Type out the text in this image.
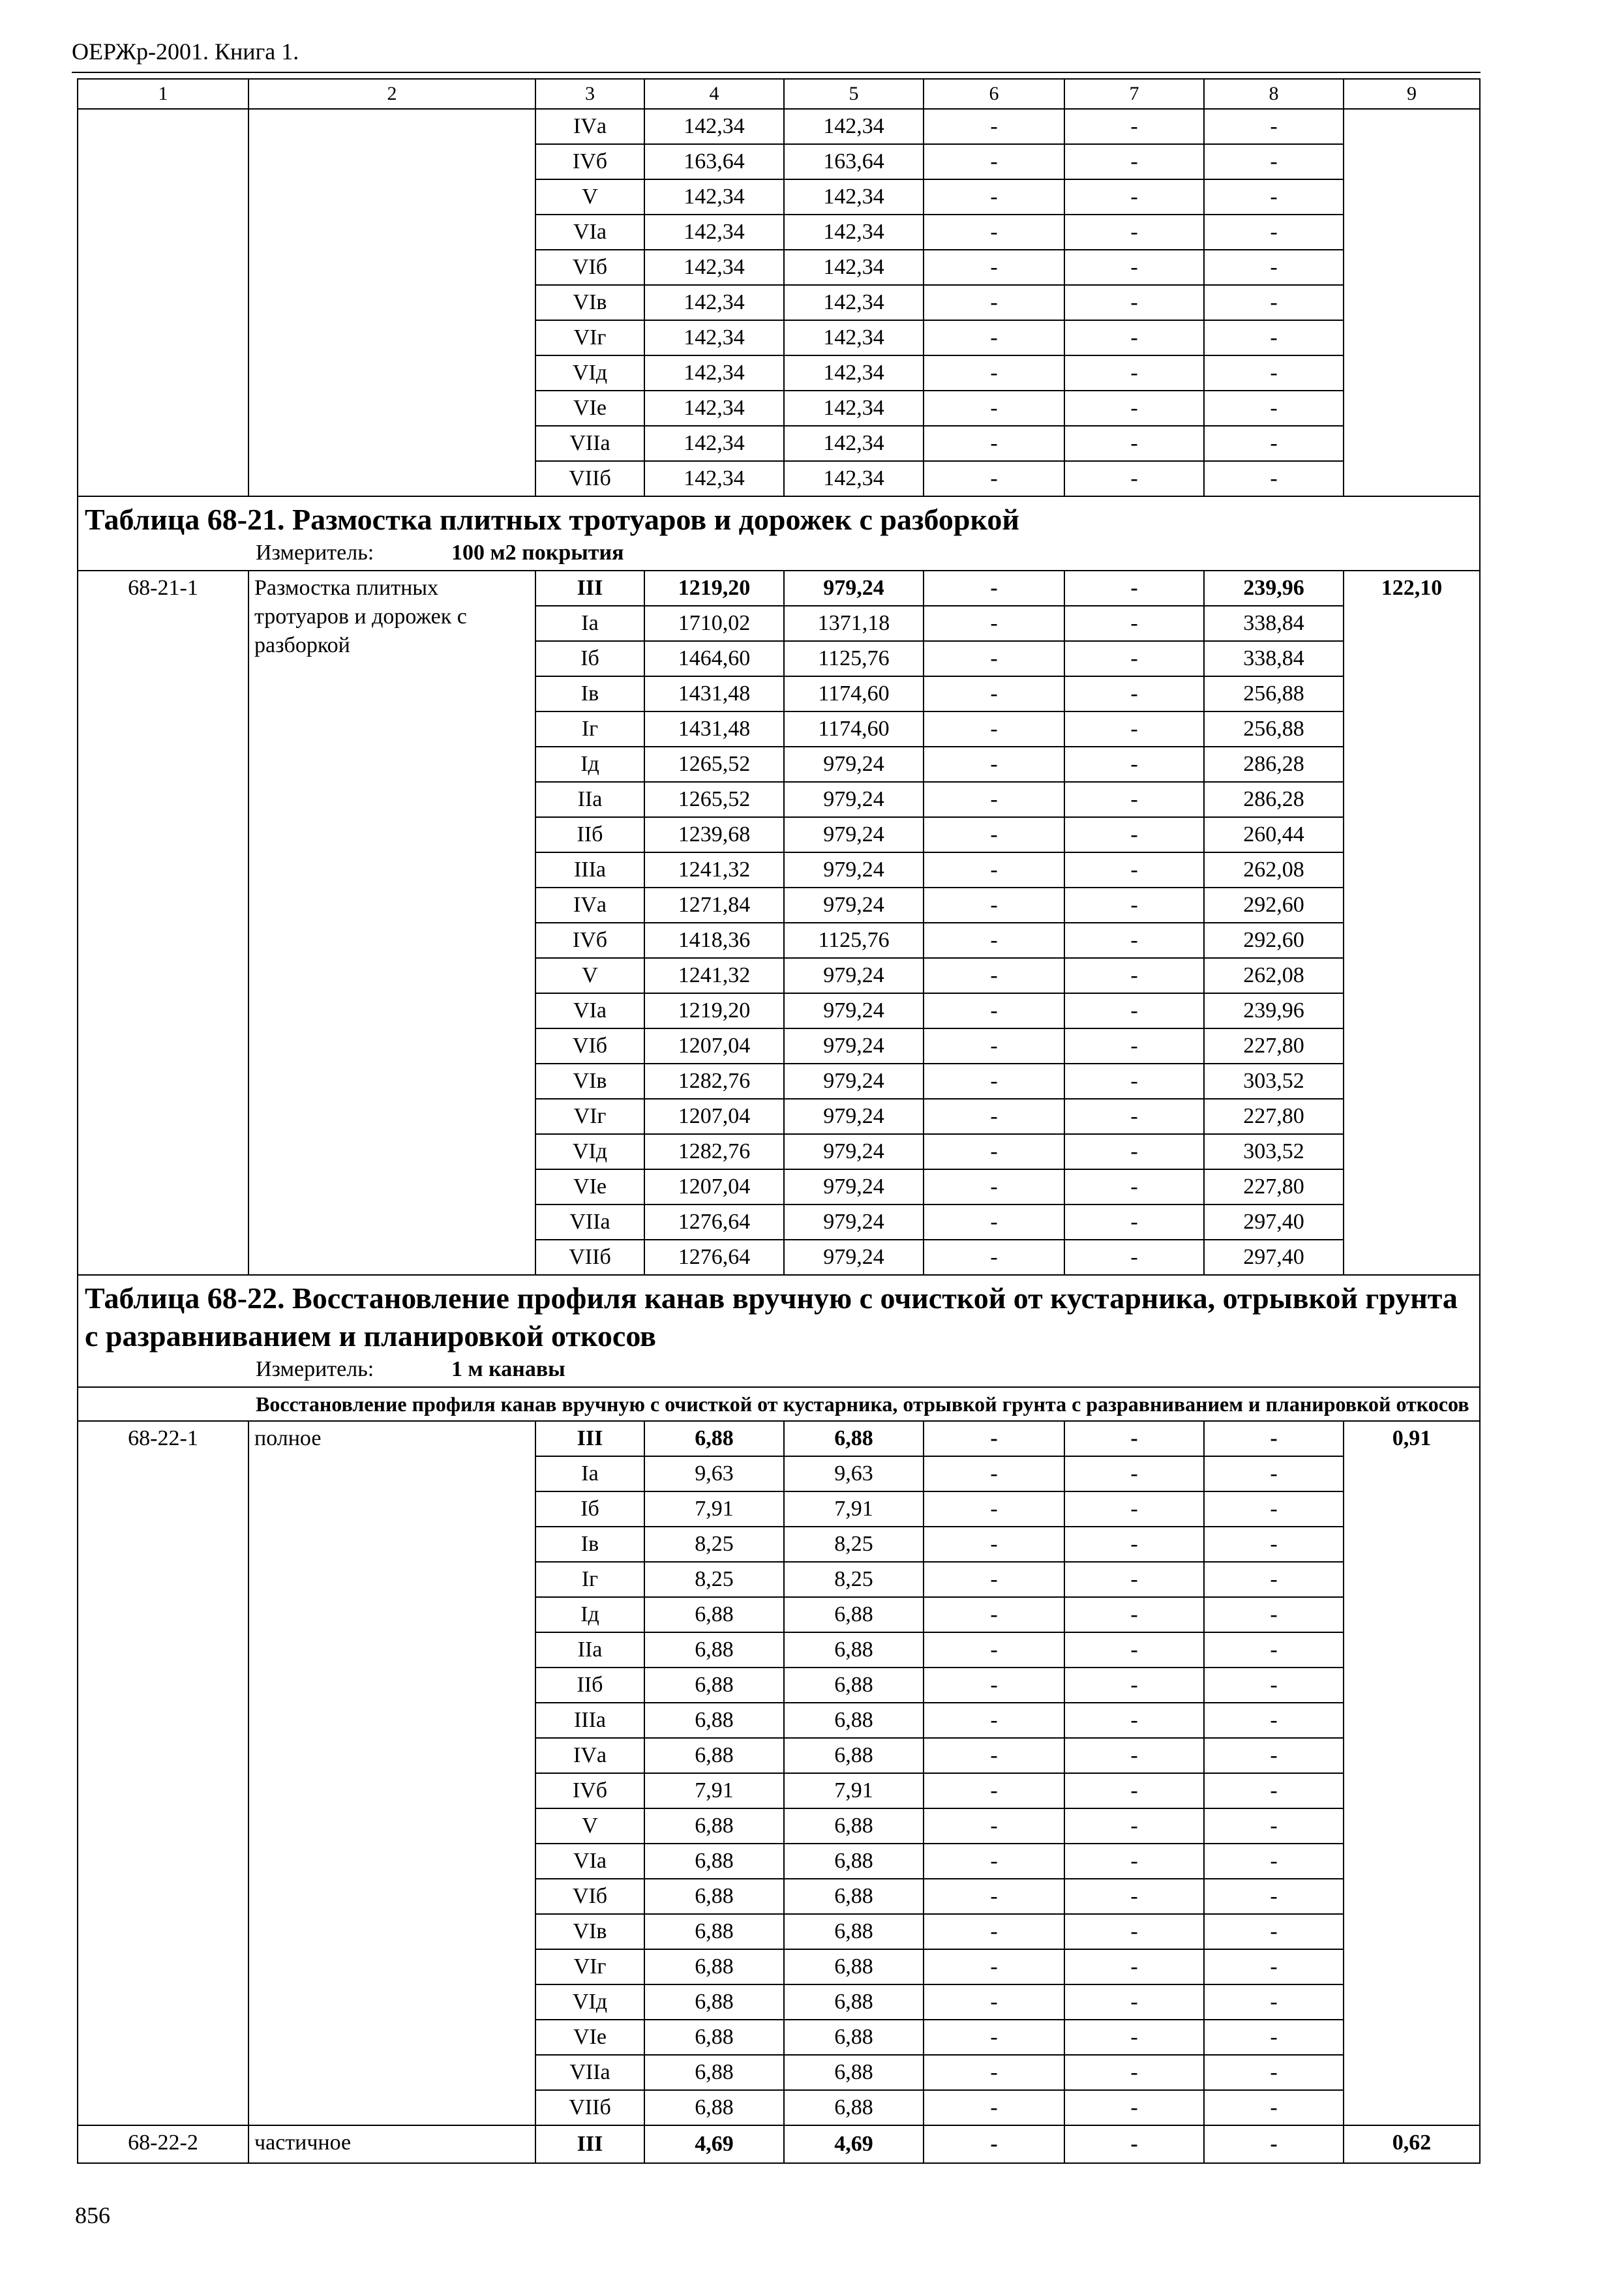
ОЕРЖр-2001. Книга 1.
1	2	3	4	5	6	7	8	9
		IVа	142,34	142,34	-	-	-	
		IVб	163,64	163,64	-	-	-	
		V	142,34	142,34	-	-	-	
		VIа	142,34	142,34	-	-	-	
		VIб	142,34	142,34	-	-	-	
		VIв	142,34	142,34	-	-	-	
		VIг	142,34	142,34	-	-	-	
		VIд	142,34	142,34	-	-	-	
		VIе	142,34	142,34	-	-	-	
		VIIа	142,34	142,34	-	-	-	
		VIIб	142,34	142,34	-	-	-	

Таблица 68-21. Размостка плитных тротуаров и дорожек с разборкой
Измеритель: 100 м2 покрытия								

68-21-1	Размостка плитных тротуаров и дорожек с разборкой	III	1219,20	979,24	-	-	239,96	122,10
		Iа	1710,02	1371,18	-	-	338,84	
		Iб	1464,60	1125,76	-	-	338,84	
		Iв	1431,48	1174,60	-	-	256,88	
		Iг	1431,48	1174,60	-	-	256,88	
		Iд	1265,52	979,24	-	-	286,28	
		IIа	1265,52	979,24	-	-	286,28	
		IIб	1239,68	979,24	-	-	260,44	
		IIIа	1241,32	979,24	-	-	262,08	
		IVа	1271,84	979,24	-	-	292,60	
		IVб	1418,36	1125,76	-	-	292,60	
		V	1241,32	979,24	-	-	262,08	
		VIа	1219,20	979,24	-	-	239,96	
		VIб	1207,04	979,24	-	-	227,80	
		VIв	1282,76	979,24	-	-	303,52	
		VIг	1207,04	979,24	-	-	227,80	
		VIд	1282,76	979,24	-	-	303,52	
		VIе	1207,04	979,24	-	-	227,80	
		VIIа	1276,64	979,24	-	-	297,40	
		VIIб	1276,64	979,24	-	-	297,40	

Таблица 68-22. Восстановление профиля канав вручную с очисткой от кустарника, отрывкой грунта с разравниванием и планировкой откосов
Измеритель: 1 м канавы								

Восстановление профиля канав вручную с очисткой от кустарника, отрывкой грунта с разравниванием и планировкой откосов								
68-22-1	полное	III	6,88	6,88	-	-	-	0,91
		Iа	9,63	9,63	-	-	-	
		Iб	7,91	7,91	-	-	-	
		Iв	8,25	8,25	-	-	-	
		Iг	8,25	8,25	-	-	-	
		Iд	6,88	6,88	-	-	-	
		IIа	6,88	6,88	-	-	-	
		IIб	6,88	6,88	-	-	-	
		IIIа	6,88	6,88	-	-	-	
		IVа	6,88	6,88	-	-	-	
		IVб	7,91	7,91	-	-	-	
		V	6,88	6,88	-	-	-	
		VIа	6,88	6,88	-	-	-	
		VIб	6,88	6,88	-	-	-	
		VIв	6,88	6,88	-	-	-	
		VIг	6,88	6,88	-	-	-	
		VIд	6,88	6,88	-	-	-	
		VIе	6,88	6,88	-	-	-	
		VIIа	6,88	6,88	-	-	-	
		VIIб	6,88	6,88	-	-	-	
68-22-2	частичное	III	4,69	4,69	-	-	-	0,62
856
